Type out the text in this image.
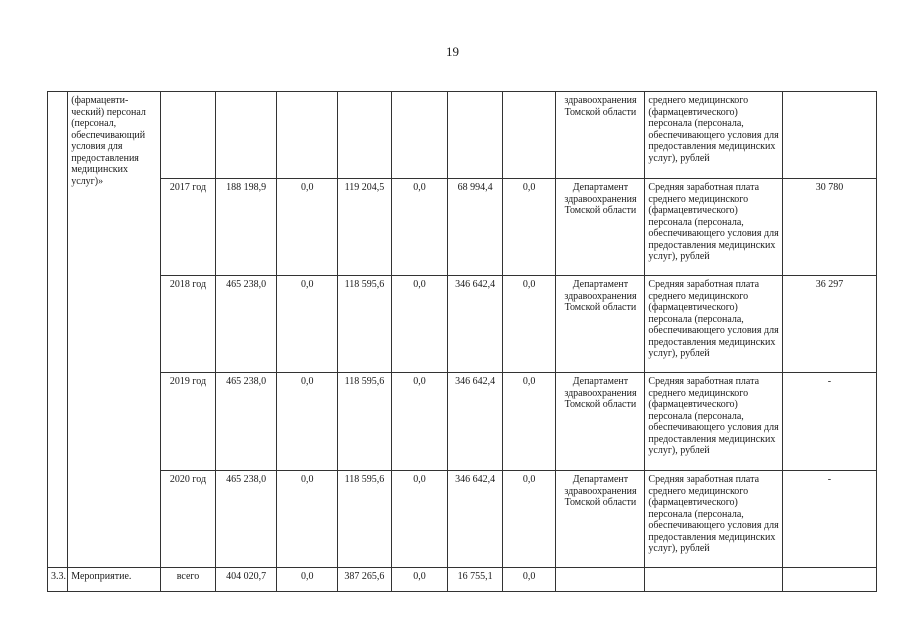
19
	(фармацевти-ческий) персонал (персонал, обеспечивающий условия для предоставления медицинских услуг)»								здравоохранения Томской области	среднего медицинского (фармацевтического) персонала (персонала, обеспечивающего условия для предоставления медицинских услуг), рублей	
		2017 год	188 198,9	0,0	119 204,5	0,0	68 994,4	0,0	Департамент здравоохранения Томской области	Средняя заработная плата среднего медицинского (фармацевтического) персонала (персонала, обеспечивающего условия для предоставления медицинских услуг), рублей	30 780
		2018 год	465 238,0	0,0	118 595,6	0,0	346 642,4	0,0	Департамент здравоохранения Томской области	Средняя заработная плата среднего медицинского (фармацевтического) персонала (персонала, обеспечивающего условия для предоставления медицинских услуг), рублей	36 297
		2019 год	465 238,0	0,0	118 595,6	0,0	346 642,4	0,0	Департамент здравоохранения Томской области	Средняя заработная плата среднего медицинского (фармацевтического) персонала (персонала, обеспечивающего условия для предоставления медицинских услуг), рублей	-
		2020 год	465 238,0	0,0	118 595,6	0,0	346 642,4	0,0	Департамент здравоохранения Томской области	Средняя заработная плата среднего медицинского (фармацевтического) персонала (персонала, обеспечивающего условия для предоставления медицинских услуг), рублей	-
3.3.	Мероприятие.	всего	404 020,7	0,0	387 265,6	0,0	16 755,1	0,0			
